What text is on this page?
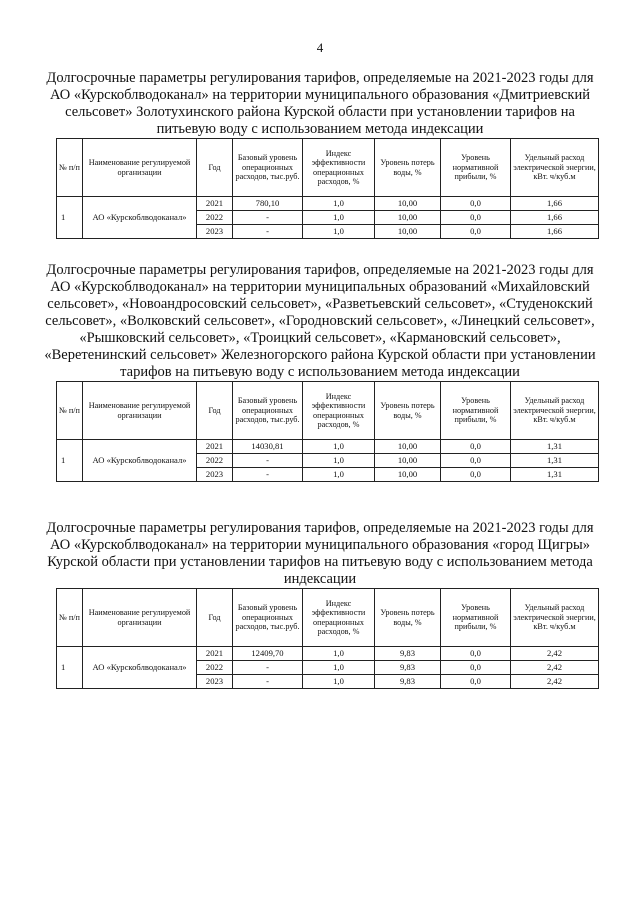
4
Долгосрочные параметры регулирования тарифов, определяемые на 2021-2023 годы для АО «Курскоблводоканал» на территории муниципального образования «Дмитриевский сельсовет» Золотухинского района Курской области при установлении тарифов на питьевую воду с использованием метода индексации
№ п/п	Наименование регулируемой организации	Год	Базовый уровень операционных расходов, тыс.руб.	Индекс эффективности операционных расходов, %	Уровень потерь воды, %	Уровень нормативной прибыли, %	Удельный расход электрической энергии, кВт. ч/куб.м
1	АО «Курскоблводоканал»	2021	780,10	1,0	10,00	0,0	1,66
		2022	-	1,0	10,00	0,0	1,66
		2023	-	1,0	10,00	0,0	1,66
Долгосрочные параметры регулирования тарифов, определяемые на 2021-2023 годы для АО «Курскоблводоканал» на территории муниципальных образований «Михайловский сельсовет», «Новоандросовский сельсовет», «Разветьевский сельсовет», «Студенокский сельсовет», «Волковский сельсовет», «Городновский сельсовет», «Линецкий сельсовет», «Рышковский сельсовет», «Троицкий сельсовет», «Кармановский сельсовет», «Веретенинский сельсовет» Железногорского района Курской области при установлении тарифов на питьевую воду с использованием метода индексации
№ п/п	Наименование регулируемой организации	Год	Базовый уровень операционных расходов, тыс.руб.	Индекс эффективности операционных расходов, %	Уровень потерь воды, %	Уровень нормативной прибыли, %	Удельный расход электрической энергии, кВт. ч/куб.м
1	АО «Курскоблводоканал»	2021	14030,81	1,0	10,00	0,0	1,31
		2022	-	1,0	10,00	0,0	1,31
		2023	-	1,0	10,00	0,0	1,31
Долгосрочные параметры регулирования тарифов, определяемые на 2021-2023 годы для АО «Курскоблводоканал» на территории муниципального образования «город Щигры» Курской области при установлении тарифов на питьевую воду с использованием метода индексации
№ п/п	Наименование регулируемой организации	Год	Базовый уровень операционных расходов, тыс.руб.	Индекс эффективности операционных расходов, %	Уровень потерь воды, %	Уровень нормативной прибыли, %	Удельный расход электрической энергии, кВт. ч/куб.м
1	АО «Курскоблводоканал»	2021	12409,70	1,0	9,83	0,0	2,42
		2022	-	1,0	9,83	0,0	2,42
		2023	-	1,0	9,83	0,0	2,42
